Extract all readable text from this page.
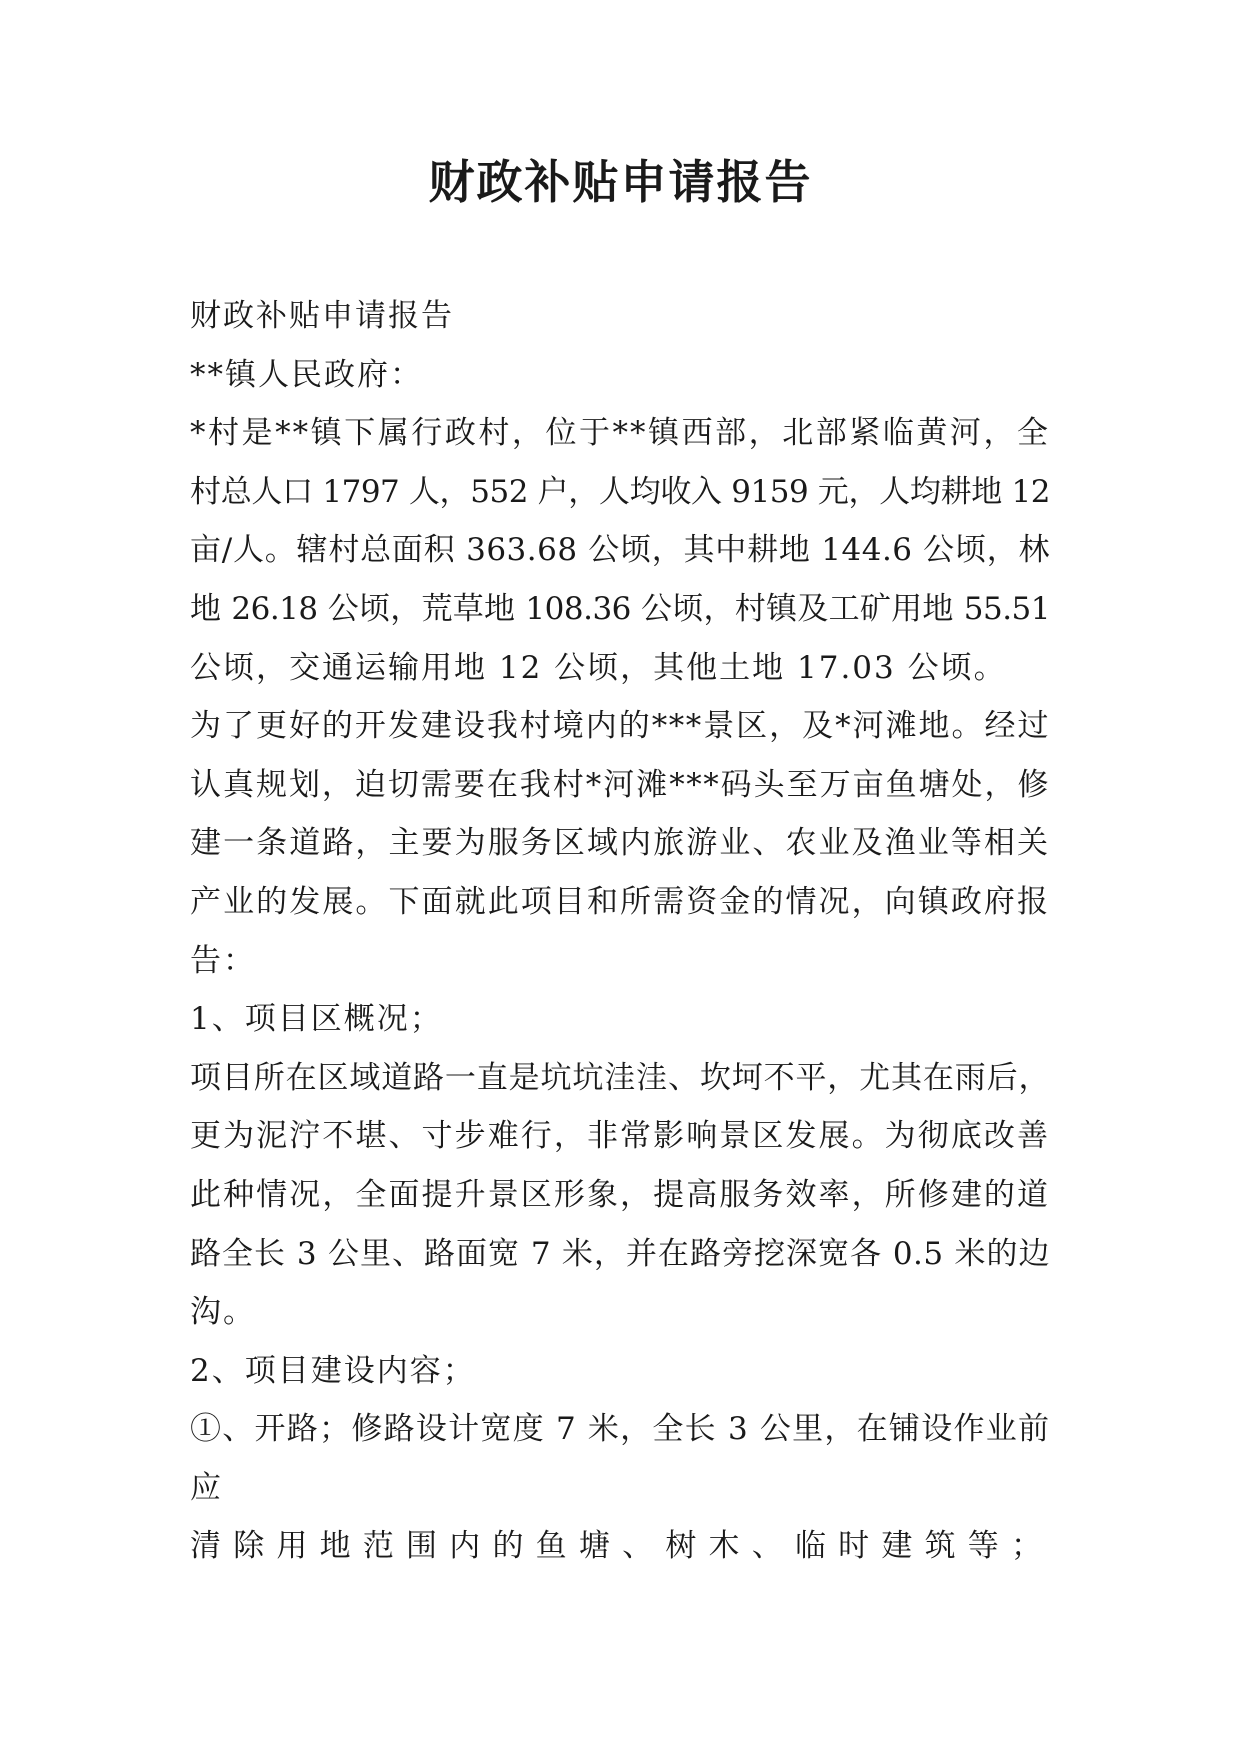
财政补贴申请报告
财政补贴申请报告
**镇人民政府：
*村是**镇下属行政村，位于**镇西部，北部紧临黄河，全
村总人口 1797 人，552 户，人均收入 9159 元，人均耕地 12
亩/人。辖村总面积 363.68 公顷，其中耕地 144.6 公顷，林
地 26.18 公顷，荒草地 108.36 公顷，村镇及工矿用地 55.51
公顷，交通运输用地 12 公顷，其他土地 17.03 公顷。
为了更好的开发建设我村境内的***景区，及*河滩地。经过
认真规划，迫切需要在我村*河滩***码头至万亩鱼塘处，修
建一条道路，主要为服务区域内旅游业、农业及渔业等相关
产业的发展。下面就此项目和所需资金的情况，向镇政府报
告：
1、项目区概况；
项目所在区域道路一直是坑坑洼洼、坎坷不平，尤其在雨后，
更为泥泞不堪、寸步难行，非常影响景区发展。为彻底改善
此种情况，全面提升景区形象，提高服务效率，所修建的道
路全长 3 公里、路面宽 7 米，并在路旁挖深宽各 0.5 米的边
沟。
2、项目建设内容；
①、开路；修路设计宽度 7 米，全长 3 公里，在铺设作业前
应
清除用地范围内的鱼塘、树木、临时建筑等；
